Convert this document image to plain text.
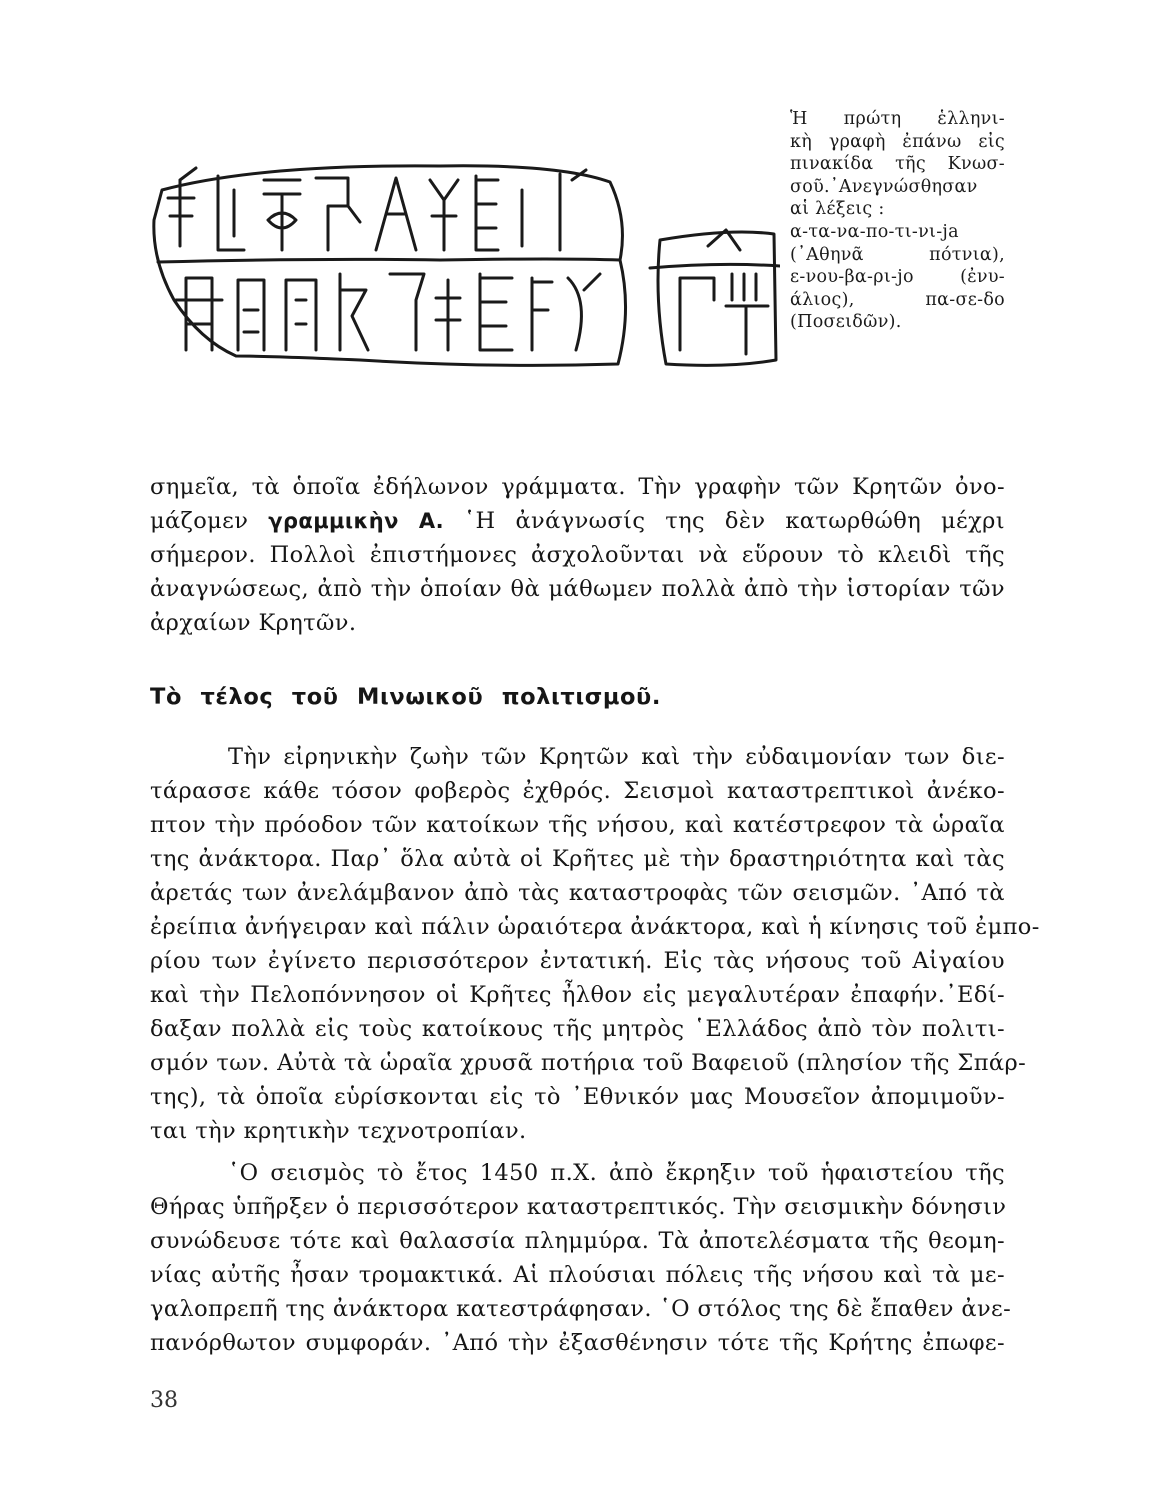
Ἡ πρώτη ἑλληνι-
κὴ γραφὴ ἐπάνω εἰς
πινακίδα τῆς Κνωσ-
σοῦ.᾽Ανεγνώσθησαν
αἱ λέξεις :
α-τα-να-πο-τι-νι-ja
(᾽Αθηνᾶ πότνια),
ε-νου-βα-ρι-jo (ἐνυ-
άλιος), πα-σε-δο
(Ποσειδῶν).
σημεῖα, τὰ ὁποῖα ἐδήλωνον γράμματα. Τὴν γραφὴν τῶν Κρητῶν ὀνο-
μάζομεν γραμμικὴν Α. ῾Η ἀνάγνωσίς της δὲν κατωρθώθη μέχρι
σήμερον. Πολλοὶ ἐπιστήμονες ἀσχολοῦνται νὰ εὕρουν τὸ κλειδὶ τῆς
ἀναγνώσεως, ἀπὸ τὴν ὁποίαν θὰ μάθωμεν πολλὰ ἀπὸ τὴν ἱστορίαν τῶν
ἀρχαίων Κρητῶν.
Τὸ τέλος τοῦ Μινωικοῦ πολιτισμοῦ.
Τὴν εἰρηνικὴν ζωὴν τῶν Κρητῶν καὶ τὴν εὐδαιμονίαν των διε-
τάρασσε κάθε τόσον φοβερὸς ἐχθρός. Σεισμοὶ καταστρεπτικοὶ ἀνέκο-
πτον τὴν πρόοδον τῶν κατοίκων τῆς νήσου, καὶ κατέστρεφον τὰ ὡραῖα
της ἀνάκτορα. Παρ᾽ ὅλα αὐτὰ οἱ Κρῆτες μὲ τὴν δραστηριότητα καὶ τὰς
ἀρετάς των ἀνελάμβανον ἀπὸ τὰς καταστροφὰς τῶν σεισμῶν. ᾽Από τὰ
ἐρείπια ἀνήγειραν καὶ πάλιν ὡραιότερα ἀνάκτορα, καὶ ἡ κίνησις τοῦ ἐμπο-
ρίου των ἐγίνετο περισσότερον ἐντατική. Εἰς τὰς νήσους τοῦ Αἰγαίου
καὶ τὴν Πελοπόννησον οἱ Κρῆτες ἦλθον εἰς μεγαλυτέραν ἐπαφήν.᾽Εδί-
δαξαν πολλὰ εἰς τοὺς κατοίκους τῆς μητρὸς ῾Ελλάδος ἀπὸ τὸν πολιτι-
σμόν των. Αὐτὰ τὰ ὡραῖα χρυσᾶ ποτήρια τοῦ Βαφειοῦ (πλησίον τῆς Σπάρ-
της), τὰ ὁποῖα εὑρίσκονται εἰς τὸ ᾽Εθνικόν μας Μουσεῖον ἀπομιμοῦν-
ται τὴν κρητικὴν τεχνοτροπίαν.
῾Ο σεισμὸς τὸ ἔτος 1450 π.Χ. ἀπὸ ἔκρηξιν τοῦ ἡφαιστείου τῆς
Θήρας ὑπῆρξεν ὁ περισσότερον καταστρεπτικός. Τὴν σεισμικὴν δόνησιν
συνώδευσε τότε καὶ θαλασσία πλημμύρα. Τὰ ἀποτελέσματα τῆς θεομη-
νίας αὐτῆς ἦσαν τρομακτικά. Αἱ πλούσιαι πόλεις τῆς νήσου καὶ τὰ με-
γαλοπρεπῆ της ἀνάκτορα κατεστράφησαν. ῾Ο στόλος της δὲ ἔπαθεν ἀνε-
πανόρθωτον συμφοράν. ᾽Από τὴν ἐξασθένησιν τότε τῆς Κρήτης ἐπωφε-
38
